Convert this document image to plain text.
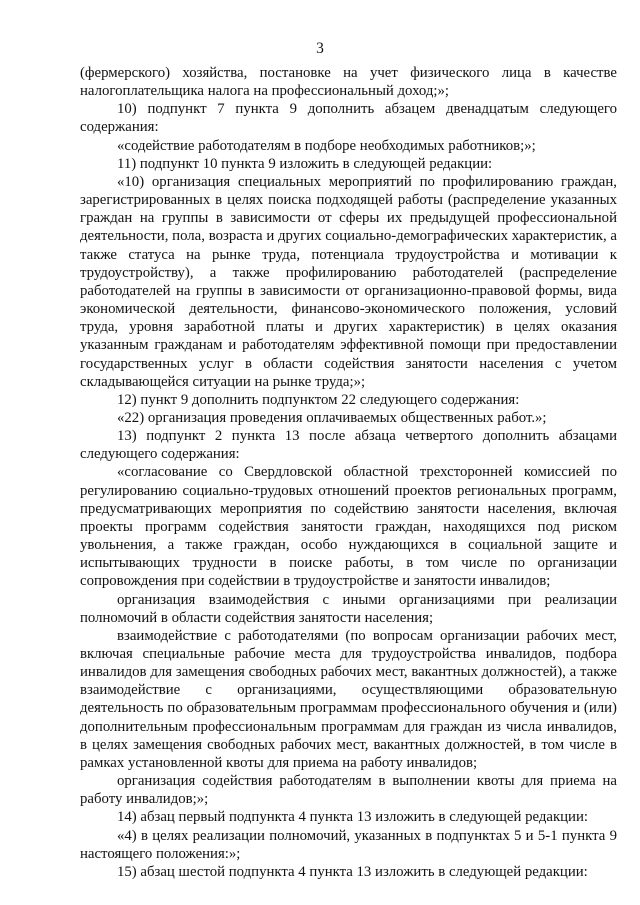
3

(фермерского) хозяйства, постановке на учет физического лица в качестве налогоплательщика налога на профессиональный доход;»;

10) подпункт 7 пункта 9 дополнить абзацем двенадцатым следующего содержания:

«содействие работодателям в подборе необходимых работников;»;

11) подпункт 10 пункта 9 изложить в следующей редакции:

«10) организация специальных мероприятий по профилированию граждан, зарегистрированных в целях поиска подходящей работы (распределение указанных граждан на группы в зависимости от сферы их предыдущей профессиональной деятельности, пола, возраста и других социально-демографических характеристик, а также статуса на рынке труда, потенциала трудоустройства и мотивации к трудоустройству), а также профилированию работодателей (распределение работодателей на группы в зависимости от организационно-правовой формы, вида экономической деятельности, финансово-экономического положения, условий труда, уровня заработной платы и других характеристик) в целях оказания указанным гражданам и работодателям эффективной помощи при предоставлении государственных услуг в области содействия занятости населения с учетом складывающейся ситуации на рынке труда;»;

12) пункт 9 дополнить подпунктом 22 следующего содержания:

«22) организация проведения оплачиваемых общественных работ.»;

13) подпункт 2 пункта 13 после абзаца четвертого дополнить абзацами следующего содержания:

«согласование со Свердловской областной трехсторонней комиссией по регулированию социально-трудовых отношений проектов региональных программ, предусматривающих мероприятия по содействию занятости населения, включая проекты программ содействия занятости граждан, находящихся под риском увольнения, а также граждан, особо нуждающихся в социальной защите и испытывающих трудности в поиске работы, в том числе по организации сопровождения при содействии в трудоустройстве и занятости инвалидов;

организация взаимодействия с иными организациями при реализации полномочий в области содействия занятости населения;

взаимодействие с работодателями (по вопросам организации рабочих мест, включая специальные рабочие места для трудоустройства инвалидов, подбора инвалидов для замещения свободных рабочих мест, вакантных должностей), а также взаимодействие с организациями, осуществляющими образовательную деятельность по образовательным программам профессионального обучения и (или) дополнительным профессиональным программам для граждан из числа инвалидов, в целях замещения свободных рабочих мест, вакантных должностей, в том числе в рамках установленной квоты для приема на работу инвалидов;

организация содействия работодателям в выполнении квоты для приема на работу инвалидов;»;

14) абзац первый подпункта 4 пункта 13 изложить в следующей редакции:

«4) в целях реализации полномочий, указанных в подпунктах 5 и 5-1 пункта 9 настоящего положения:»;

15) абзац шестой подпункта 4 пункта 13 изложить в следующей редакции:
